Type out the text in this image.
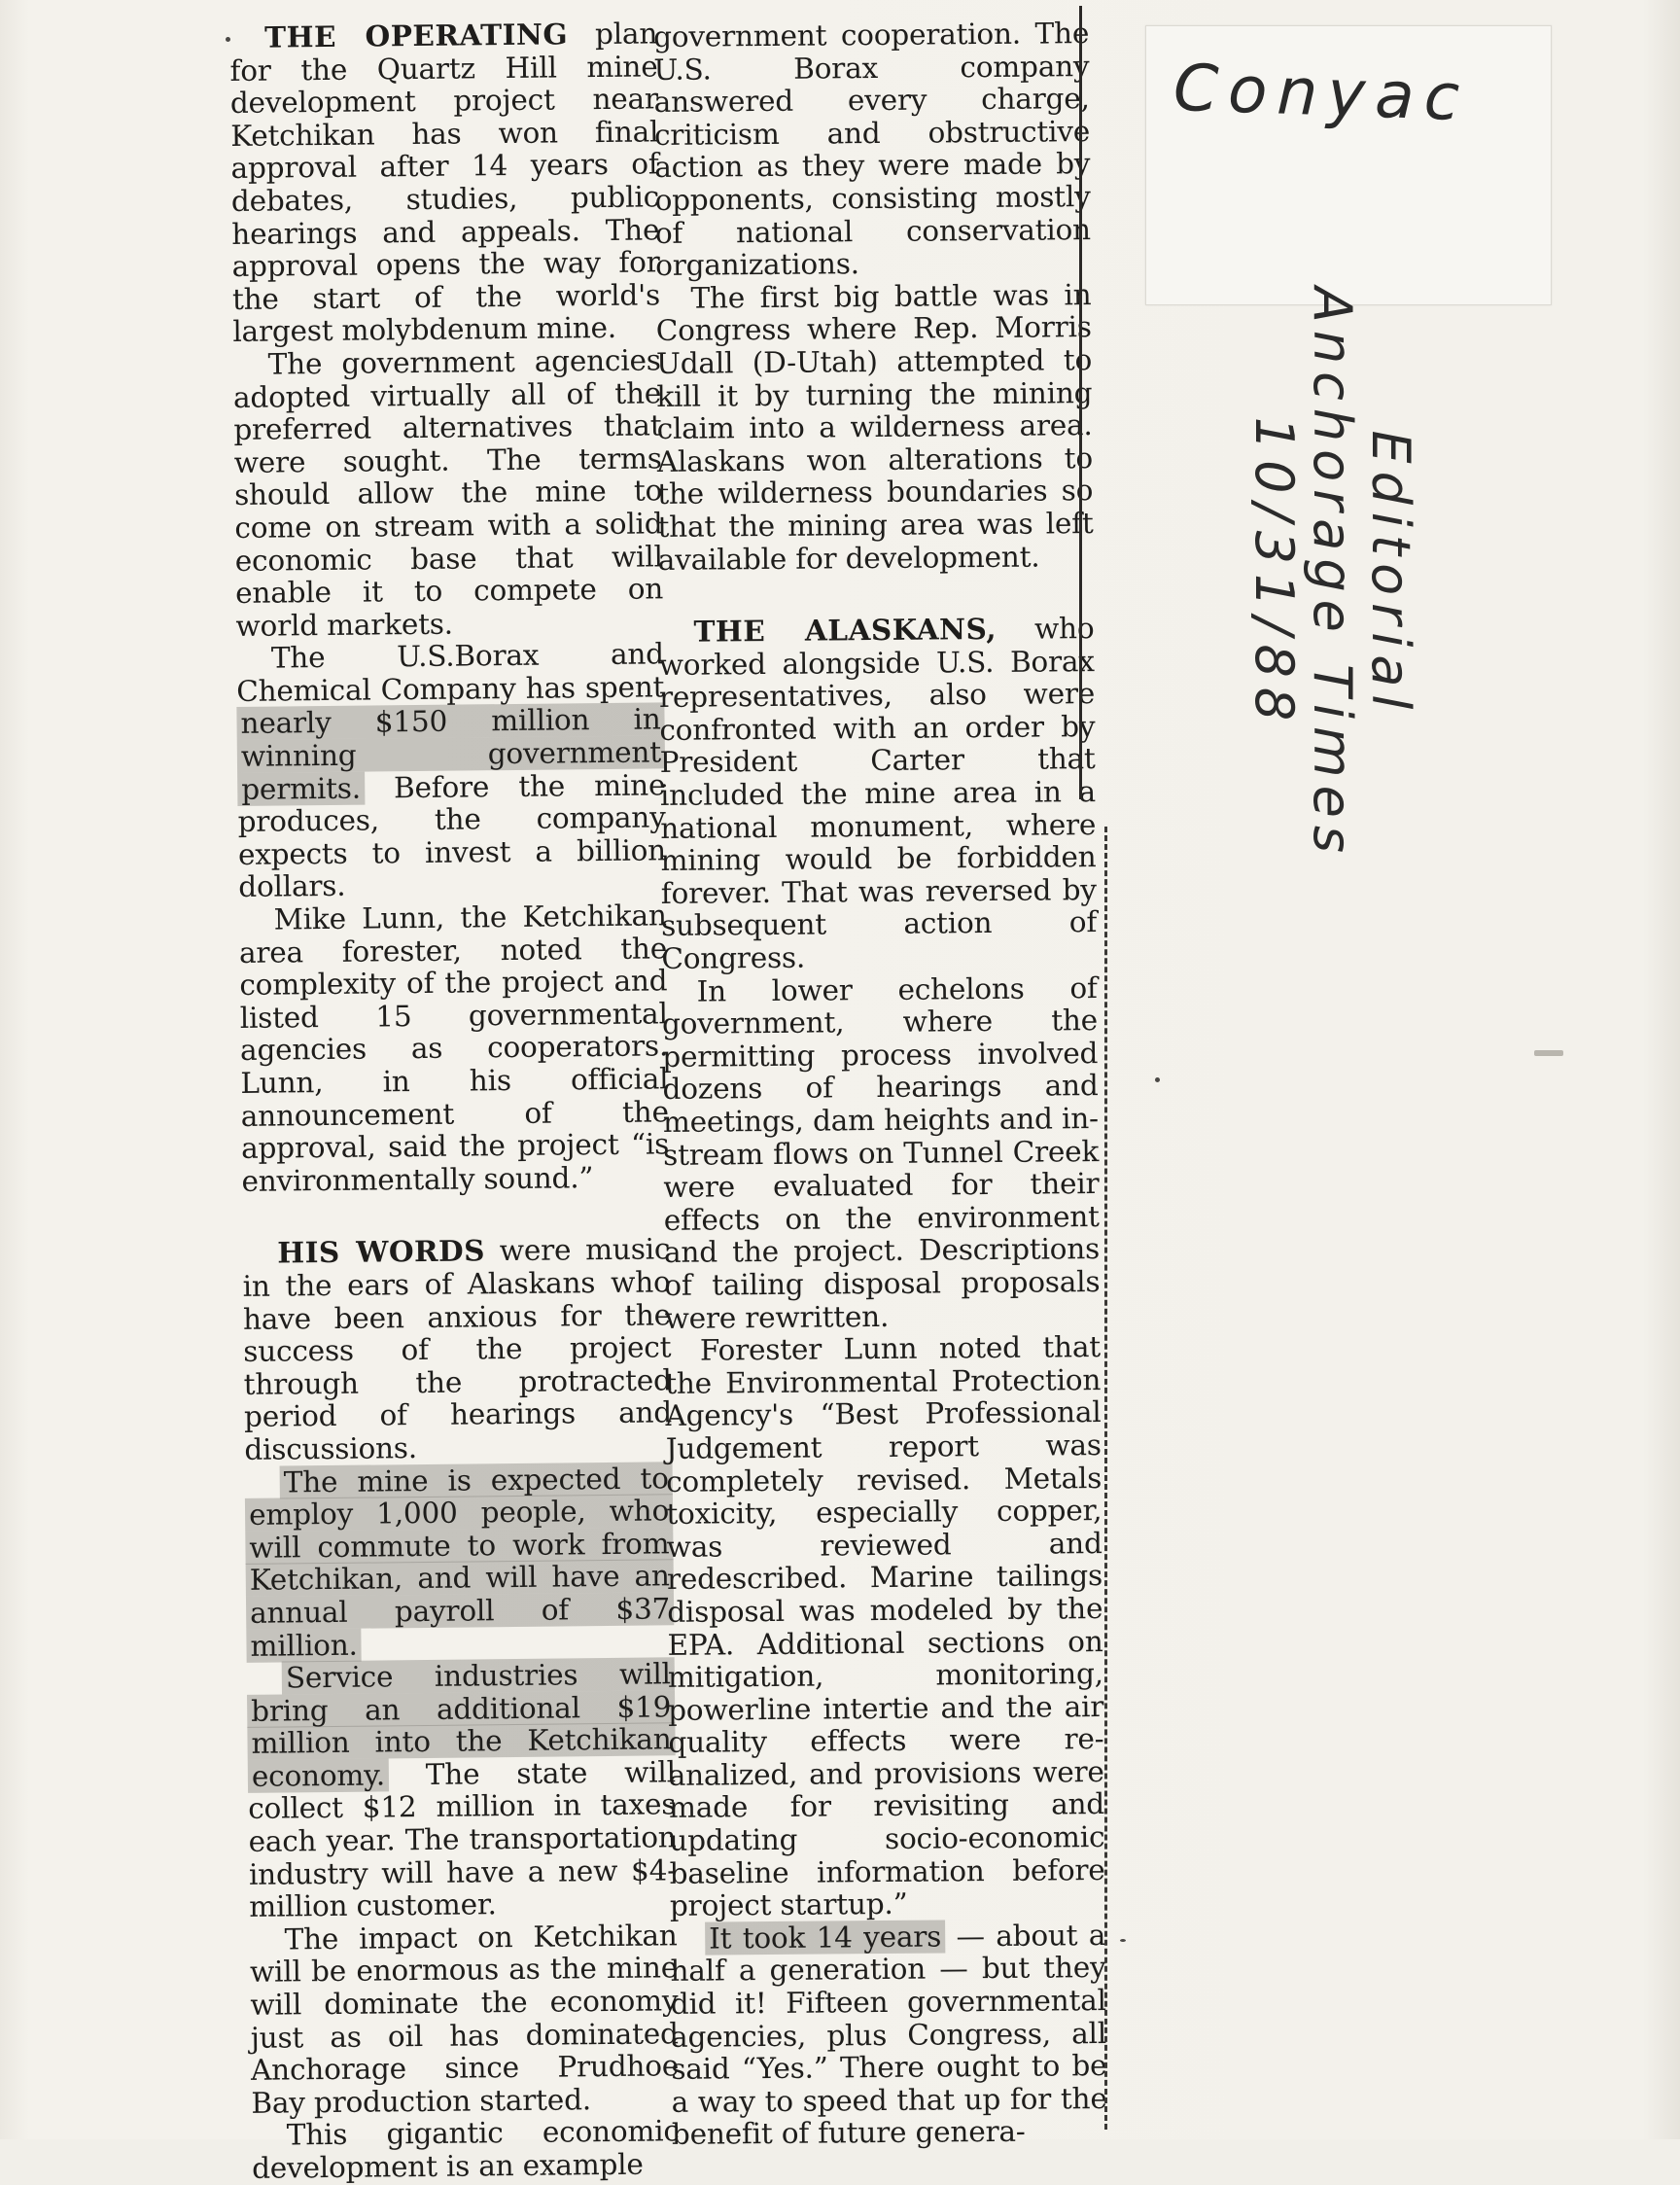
THE OPERATING plan for the Quartz Hill mine development project near Ketchikan has won final approval after 14 years of debates, studies, public hearings and appeals. The approval opens the way for the start of the world's largest molybdenum mine.

The government agencies adopted virtually all of the preferred alternatives that were sought. The terms should allow the mine to come on stream with a solid economic base that will enable it to compete on world markets.

The U.S.Borax and Chemical Company has spent nearly $150 million in winning government permits. Before the mine produces, the company expects to invest a billion dollars.

Mike Lunn, the Ketchikan area forester, noted the complexity of the project and listed 15 governmental agencies as cooperators. Lunn, in his official announcement of the approval, said the project “is environmentally sound.”

HIS WORDS were music in the ears of Alaskans who have been anxious for the success of the project through the protracted period of hearings and discussions.

The mine is expected to employ 1,000 people, who will commute to work from Ketchikan, and will have an annual payroll of $37 million.

Service industries will bring an additional $19 million into the Ketchikan economy. The state will collect $12 million in taxes each year. The transportation industry will have a new $4-million customer.

The impact on Ketchikan will be enormous as the mine will dominate the economy just as oil has dominated Anchorage since Prudhoe Bay production started.

This gigantic economic development is an example

government cooperation. The U.S. Borax company answered every charge, criticism and obstructive action as they were made by opponents, consisting mostly of national conservation organizations.

The first big battle was in Congress where Rep. Morris Udall (D-Utah) attempted to kill it by turning the mining claim into a wilderness area. Alaskans won alterations to the wilderness boundaries so that the mining area was left available for development.

THE ALASKANS, who worked alongside U.S. Borax representatives, also were confronted with an order by President Carter that included the mine area in a national monument, where mining would be forbidden forever. That was reversed by subsequent action of Congress.

In lower echelons of government, where the permitting process involved dozens of hearings and meetings, dam heights and in-stream flows on Tunnel Creek were evaluated for their effects on the environment and the project. Descriptions of tailing disposal proposals were rewritten.

Forester Lunn noted that the Environmental Protection Agency's “Best Professional Judgement report was completely revised. Metals toxicity, especially copper, was reviewed and redescribed. Marine tailings disposal was modeled by the EPA. Additional sections on mitigation, monitoring, powerline intertie and the air quality effects were re-analized, and provisions were made for revisiting and updating socio-economic baseline information before project startup.”

It took 14 years — about a half a generation — but they did it! Fifteen governmental agencies, plus Congress, all said “Yes.” There ought to be a way to speed that up for the benefit of future genera-

Conyac
Editorial
Anchorage Times
10/31/88
